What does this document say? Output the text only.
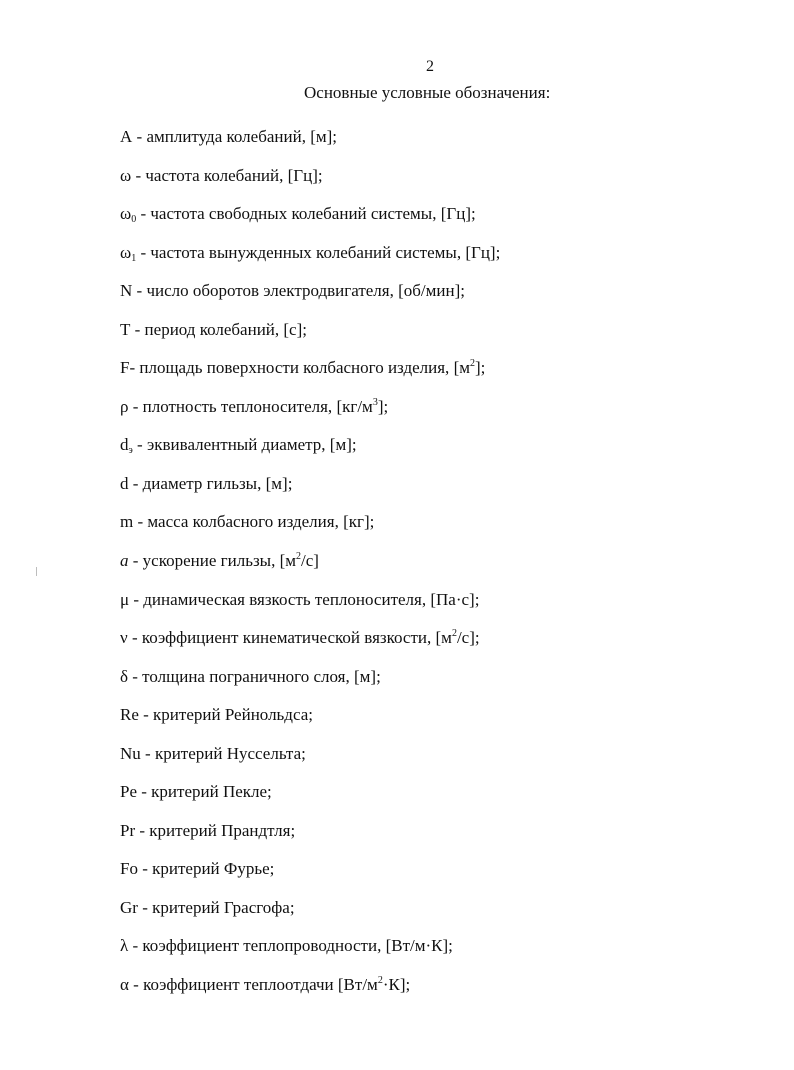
2
Основные условные обозначения:
A - амплитуда колебаний, [м];
ω - частота колебаний, [Гц];
$\omega_0$ - частота свободных колебаний системы, [Гц];
$\omega_1$ - частота вынужденных колебаний системы, [Гц];
N - число оборотов электродвигателя, [об/мин];
T - период колебаний, [с];
F- площадь поверхности колбасного изделия, $[м^2]$;
ρ - плотность теплоносителя, $[кг/м^3]$;
$d_э$ - эквивалентный диаметр, [м];
d - диаметр гильзы, [м];
m - масса колбасного изделия, [кг];
a - ускорение гильзы, $[м^2/с]$
μ - динамическая вязкость теплоносителя, [Па·с];
ν - коэффициент кинематической вязкости, $[м^2/с]$;
δ - толщина пограничного слоя, [м];
Re - критерий Рейнольдса;
Nu - критерий Нуссельта;
Pe - критерий Пекле;
Pr - критерий Прандтля;
Fo - критерий Фурье;
Gr - критерий Грасгофа;
λ - коэффициент теплопроводности, [Вт/м·К];
α - коэффициент теплоотдачи $[Вт/м^2\cdot К]$;
